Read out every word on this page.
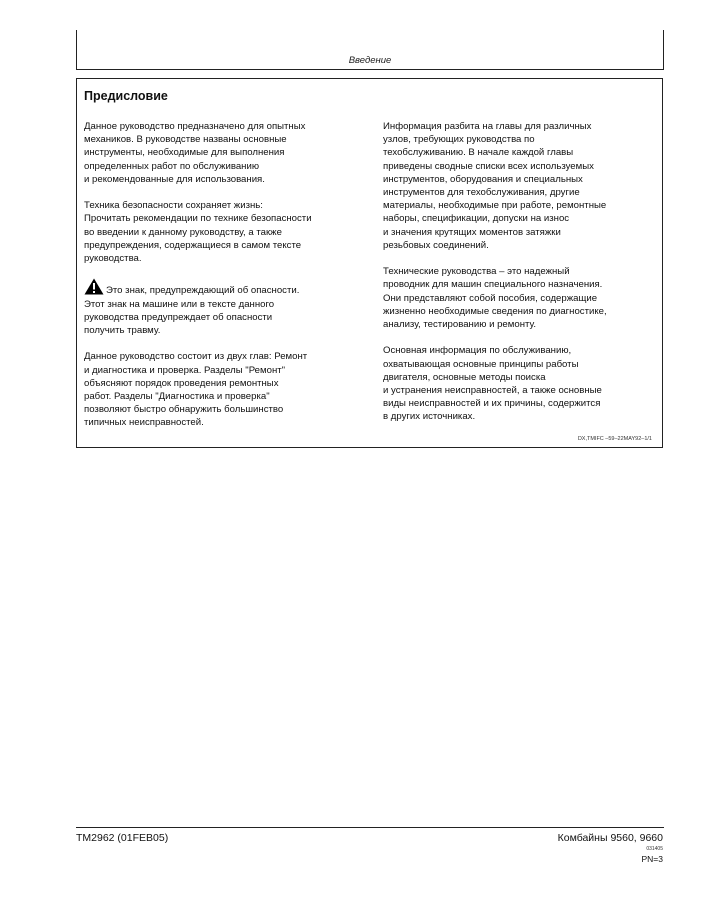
Введение
Предисловие

Данное руководство предназначено для опытных
механиков. В руководстве названы основные
инструменты, необходимые для выполнения
определенных работ по обслуживанию
и рекомендованные для использования.

Техника безопасности сохраняет жизнь:
Прочитать рекомендации по технике безопасности
во введении к данному руководству, а также
предупреждения, содержащиеся в самом тексте
руководства.

Это знак, предупреждающий об опасности.
Этот знак на машине или в тексте данного
руководства предупреждает об опасности
получить травму.

Данное руководство состоит из двух глав: Ремонт
и диагностика и проверка. Разделы "Ремонт"
объясняют порядок проведения ремонтных
работ. Разделы "Диагностика и проверка"
позволяют быстро обнаружить большинство
типичных неисправностей.

Информация разбита на главы для различных
узлов, требующих руководства по
техобслуживанию. В начале каждой главы
приведены сводные списки всех используемых
инструментов, оборудования и специальных
инструментов для техобслуживания, другие
материалы, необходимые при работе, ремонтные
наборы, спецификации, допуски на износ
и значения крутящих моментов затяжки
резьбовых соединений.

Технические руководства – это надежный
проводник для машин специального назначения.
Они представляют собой пособия, содержащие
жизненно необходимые сведения по диагностике,
анализу, тестированию и ремонту.

Основная информация по обслуживанию,
охватывающая основные принципы работы
двигателя, основные методы поиска
и устранения неисправностей, а также основные
виды неисправностей и их причины, содержится
в других источниках.

DX,TMIFC –59–22MAY92–1/1
TM2962 (01FEB05)	Комбайны 9560, 9660
031405
PN=3
